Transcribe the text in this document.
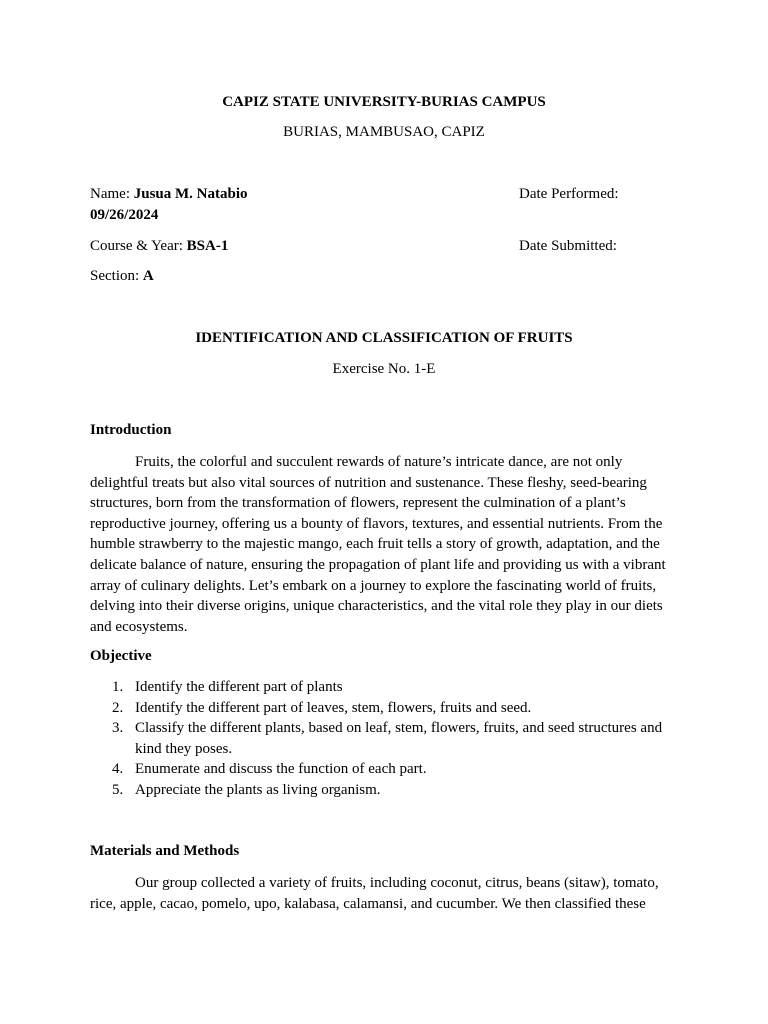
CAPIZ STATE UNIVERSITY-BURIAS CAMPUS
BURIAS, MAMBUSAO, CAPIZ
Name: Jusua M. Natabio	Date Performed:
09/26/2024
Course & Year: BSA-1	Date Submitted:
Section: A
IDENTIFICATION AND CLASSIFICATION OF FRUITS
Exercise No. 1-E
Introduction
Fruits, the colorful and succulent rewards of nature’s intricate dance, are not only
delightful treats but also vital sources of nutrition and sustenance. These fleshy, seed-bearing
structures, born from the transformation of flowers, represent the culmination of a plant’s
reproductive journey, offering us a bounty of flavors, textures, and essential nutrients. From the
humble strawberry to the majestic mango, each fruit tells a story of growth, adaptation, and the
delicate balance of nature, ensuring the propagation of plant life and providing us with a vibrant
array of culinary delights. Let’s embark on a journey to explore the fascinating world of fruits,
delving into their diverse origins, unique characteristics, and the vital role they play in our diets
and ecosystems.
Objective
1. Identify the different part of plants
2. Identify the different part of leaves, stem, flowers, fruits and seed.
3. Classify the different plants, based on leaf, stem, flowers, fruits, and seed structures and
kind they poses.
4. Enumerate and discuss the function of each part.
5. Appreciate the plants as living organism.
Materials and Methods
Our group collected a variety of fruits, including coconut, citrus, beans (sitaw), tomato,
rice, apple, cacao, pomelo, upo, kalabasa, calamansi, and cucumber. We then classified these
